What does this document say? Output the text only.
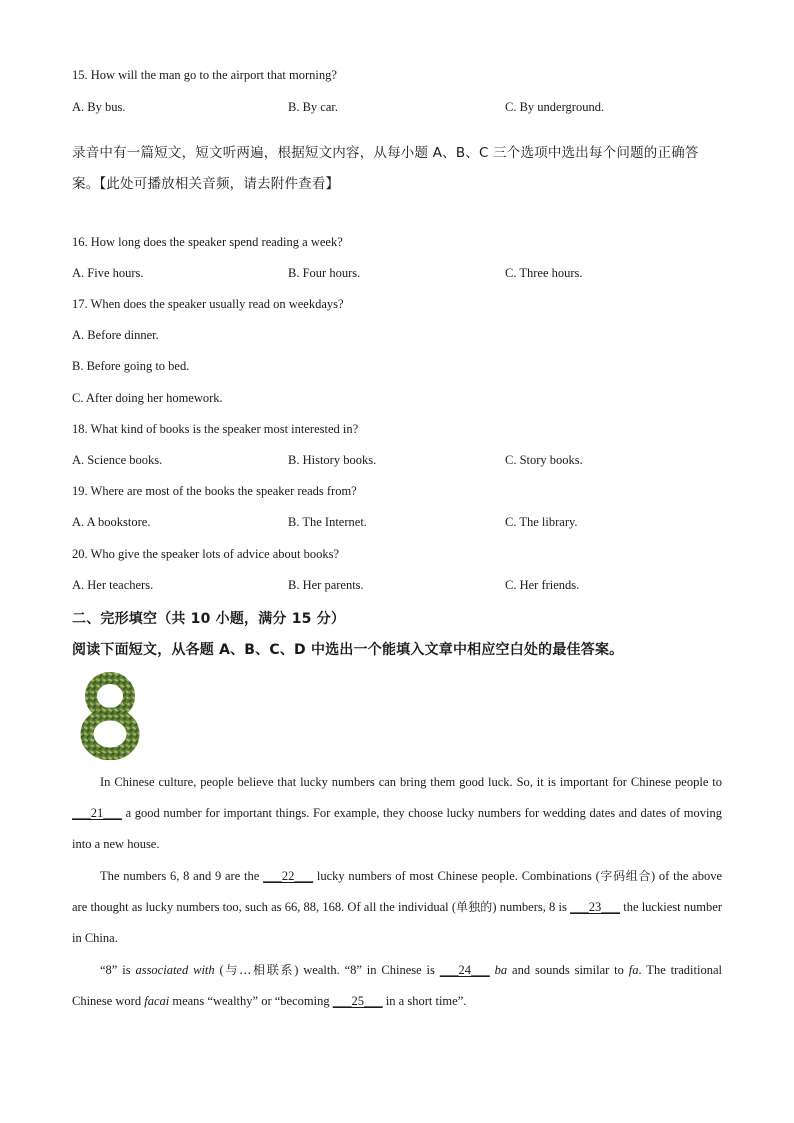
15. How will the man go to the airport that morning?
A. By bus.	B. By car.	C. By underground.
录音中有一篇短文，短文听两遍，根据短文内容，从每小题 A、B、C 三个选项中选出每个问题的正确答
案。【此处可播放相关音频，请去附件查看】
16. How long does the speaker spend reading a week?
A. Five hours.	B. Four hours.	C. Three hours.
17. When does the speaker usually read on weekdays?
A. Before dinner.
B. Before going to bed.
C. After doing her homework.
18. What kind of books is the speaker most interested in?
A. Science books.	B. History books.	C. Story books.
19. Where are most of the books the speaker reads from?
A. A bookstore.	B. The Internet.	C. The library.
20. Who give the speaker lots of advice about books?
A. Her teachers.	B. Her parents.	C. Her friends.
二、完形填空（共 10 小题，满分 15 分）
阅读下面短文，从各题 A、B、C、D 中选出一个能填入文章中相应空白处的最佳答案。
In Chinese culture, people believe that lucky numbers can bring them good luck. So, it is important for Chinese people to ___21___ a good number for important things. For example, they choose lucky numbers for wedding dates and dates of moving into a new house.
The numbers 6, 8 and 9 are the ___22___ lucky numbers of most Chinese people. Combinations (字码组合) of the above are thought as lucky numbers too, such as 66, 88, 168. Of all the individual (单独的) numbers, 8 is ___23___ the luckiest number in China.
“8” is associated with (与…相联系) wealth. “8” in Chinese is ___24___ ba and sounds similar to fa. The traditional Chinese word facai means “wealthy” or “becoming ___25___ in a short time”.
